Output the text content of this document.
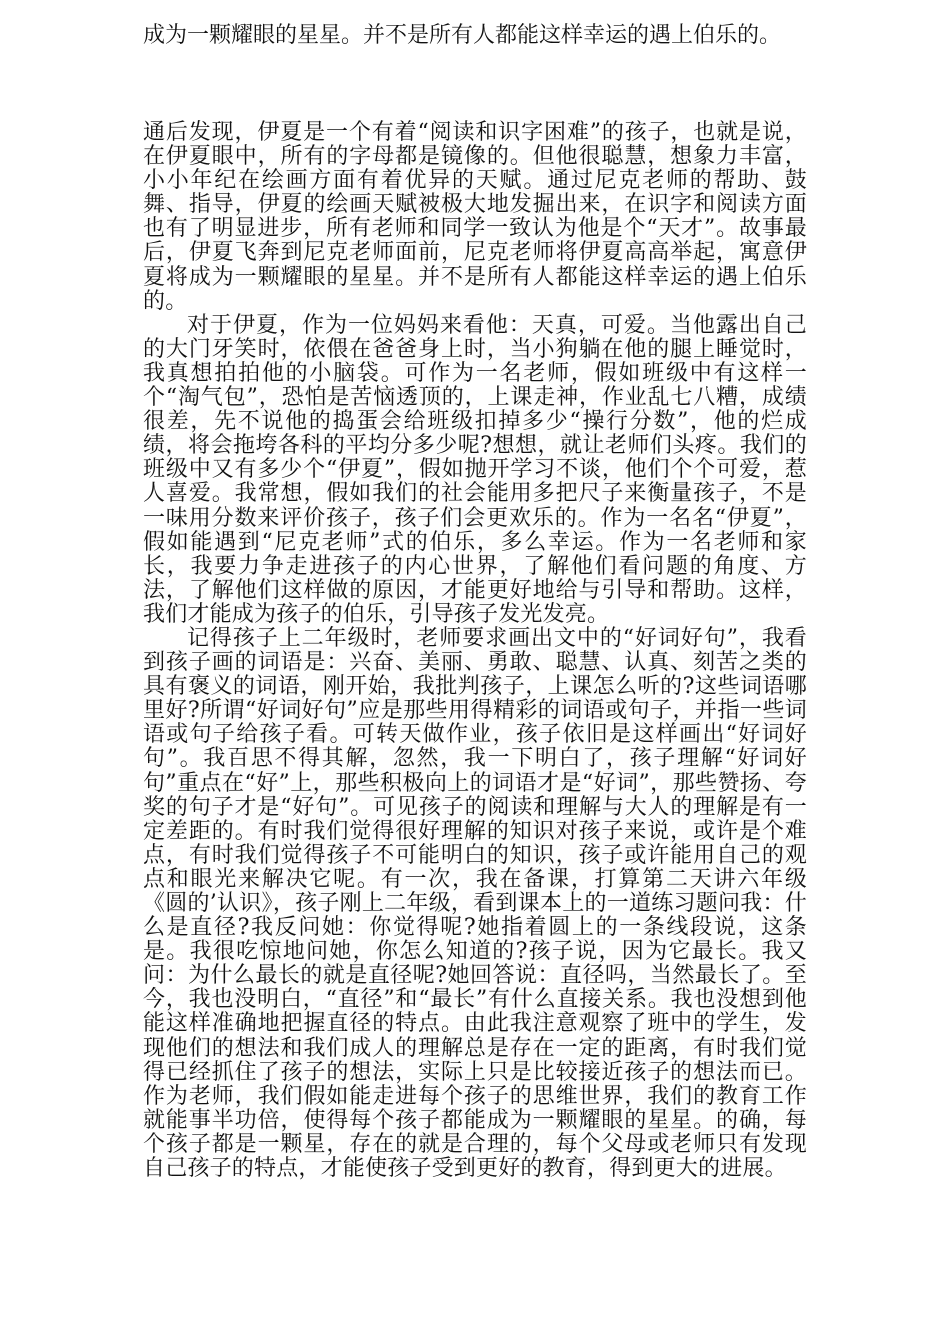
成为一颗耀眼的星星。并不是所有人都能这样幸运的遇上伯乐的。

通后发现，伊夏是一个有着“阅读和识字困难”的孩子，也就是说，在伊夏眼中，所有的字母都是镜像的。但他很聪慧，想象力丰富，小小年纪在绘画方面有着优异的天赋。通过尼克老师的帮助、鼓舞、指导，伊夏的绘画天赋被极大地发掘出来，在识字和阅读方面也有了明显进步，所有老师和同学一致认为他是个“天才”。故事最后，伊夏飞奔到尼克老师面前，尼克老师将伊夏高高举起，寓意伊夏将成为一颗耀眼的星星。并不是所有人都能这样幸运的遇上伯乐的。

对于伊夏，作为一位妈妈来看他：天真，可爱。当他露出自己的大门牙笑时，依偎在爸爸身上时，当小狗躺在他的腿上睡觉时，我真想拍拍他的小脑袋。可作为一名老师，假如班级中有这样一个“淘气包”，恐怕是苦恼透顶的，上课走神，作业乱七八糟，成绩很差，先不说他的捣蛋会给班级扣掉多少“操行分数”，他的烂成绩，将会拖垮各科的平均分多少呢?想想，就让老师们头疼。我们的班级中又有多少个“伊夏”，假如抛开学习不谈，他们个个可爱，惹人喜爱。我常想，假如我们的社会能用多把尺子来衡量孩子，不是一味用分数来评价孩子，孩子们会更欢乐的。作为一名名“伊夏”，假如能遇到“尼克老师”式的伯乐，多么幸运。作为一名老师和家长，我要力争走进孩子的内心世界，了解他们看问题的角度、方法，了解他们这样做的原因，才能更好地给与引导和帮助。这样，我们才能成为孩子的伯乐，引导孩子发光发亮。

记得孩子上二年级时，老师要求画出文中的“好词好句”，我看到孩子画的词语是：兴奋、美丽、勇敢、聪慧、认真、刻苦之类的具有褒义的词语，刚开始，我批判孩子，上课怎么听的?这些词语哪里好?所谓“好词好句”应是那些用得精彩的词语或句子，并指一些词语或句子给孩子看。可转天做作业，孩子依旧是这样画出“好词好句”。我百思不得其解，忽然，我一下明白了，孩子理解“好词好句”重点在“好”上，那些积极向上的词语才是“好词”，那些赞扬、夸奖的句子才是“好句”。可见孩子的阅读和理解与大人的理解是有一定差距的。有时我们觉得很好理解的知识对孩子来说，或许是个难点，有时我们觉得孩子不可能明白的知识，孩子或许能用自己的观点和眼光来解决它呢。有一次，我在备课，打算第二天讲六年级《圆的’认识》，孩子刚上二年级，看到课本上的一道练习题问我：什么是直径?我反问她：你觉得呢?她指着圆上的一条线段说，这条是。我很吃惊地问她，你怎么知道的?孩子说，因为它最长。我又问：为什么最长的就是直径呢?她回答说：直径吗，当然最长了。至今，我也没明白，“直径”和“最长”有什么直接关系。我也没想到他能这样准确地把握直径的特点。由此我注意观察了班中的学生，发现他们的想法和我们成人的理解总是存在一定的距离，有时我们觉得已经抓住了孩子的想法，实际上只是比较接近孩子的想法而已。作为老师，我们假如能走进每个孩子的思维世界，我们的教育工作就能事半功倍，使得每个孩子都能成为一颗耀眼的星星。的确，每个孩子都是一颗星，存在的就是合理的，每个父母或老师只有发现自己孩子的特点，才能使孩子受到更好的教育，得到更大的进展。
